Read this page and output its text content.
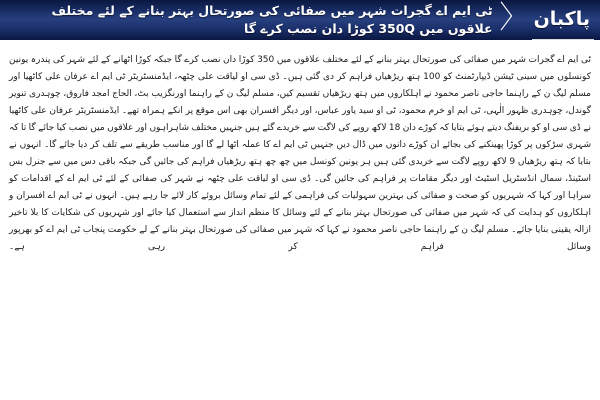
پاکبان
〈
ٹی ایم اے گجرات شہر میں صفائی کی صورتحال بہتر بنانے کے لئے مختلف علاقوں میں 350Q کوڑا دان نصب کرے گا

ٹی ایم اے گجرات شہر میں صفائی کی صورتحال بہتر بنانے کے لئے مختلف علاقوں میں 350 کوڑا دان نصب کرے گا جبکہ کوڑا اٹھانے کے لئے شہر کی پندرہ یونین کونسلوں میں سینی ٹیشن ڈیپارٹمنٹ کو 100 ہتھ ریڑھیاں فراہم کر دی گئی ہیں۔ ڈی سی او لیاقت علی چٹھہ، ایڈمنسٹریٹر ٹی ایم اے عرفان علی کاٹھیا اور مسلم لیگ ن کے راہنما حاجی ناصر محمود نے اہلکاروں میں ہتھ ریڑھیاں تقسیم کیں، مسلم لیگ ن کے راہنما اورنگزیب بٹ، الحاج امجد فاروق، چوہدری تنویر گوندل، چوہدری ظہور الٰہی، ٹی ایم او خرم محمود، ٹی او سید یاور عباس، اور دیگر افسران بھی اس موقع پر انکے ہمراہ تھے۔ ایڈمنسٹریٹر عرفان علی کاٹھیا نے ڈی سی او کو بریفنگ دیتے ہوئے بتایا کہ کوڑے دان 18 لاکھ روپے کی لاگت سے خریدے گئے ہیں جنہیں مختلف شاہراہوں اور علاقوں میں نصب کیا جائے گا تا کہ شہری سڑکوں پر کوڑا پھینکنے کی بجائے ان کوڑے دانوں میں ڈال دیں جنہیں ٹی ایم اے کا عملہ اٹھا لے گا اور مناسب طریقے سے تلف کر دیا جائے گا۔ انہوں نے بتایا کہ ہتھ ریڑھیاں 9 لاکھ روپے لاگت سے خریدی گئی ہیں ہر یونین کونسل میں چھ چھ ہتھ ریڑھیاں فراہم کی جائیں گی جبکہ باقی دس میں سے جنرل بس اسٹینڈ، سمال انڈسٹریل اسٹیٹ اور دیگر مقامات پر فراہم کی جائیں گی۔ ڈی سی او لیاقت علی چٹھہ نے شہر کی صفائی کے لئے ٹی ایم اے کے اقدامات کو سراہا اور کہا کہ شہریوں کو صحت و صفائی کی بہترین سہولیات کی فراہمی کے لئے تمام وسائل بروئے کار لائے جا رہے ہیں۔ انہوں نے ٹی ایم اے افسران و اہلکاروں کو ہدایت کی کہ شہر میں صفائی کی صورتحال بہتر بنانے کے لئے وسائل کا منظم انداز سے استعمال کیا جائے اور شہریوں کی شکایات کا بلا تاخیر ازالہ یقینی بنایا جائے۔ مسلم لیگ ن کے راہنما حاجی ناصر محمود نے کہا کہ شہر میں صفائی کی صورتحال بہتر بنانے کے لے حکومت پنجاب ٹی ایم اے کو بھرپور وسائل فراہم کر رہی ہے۔
